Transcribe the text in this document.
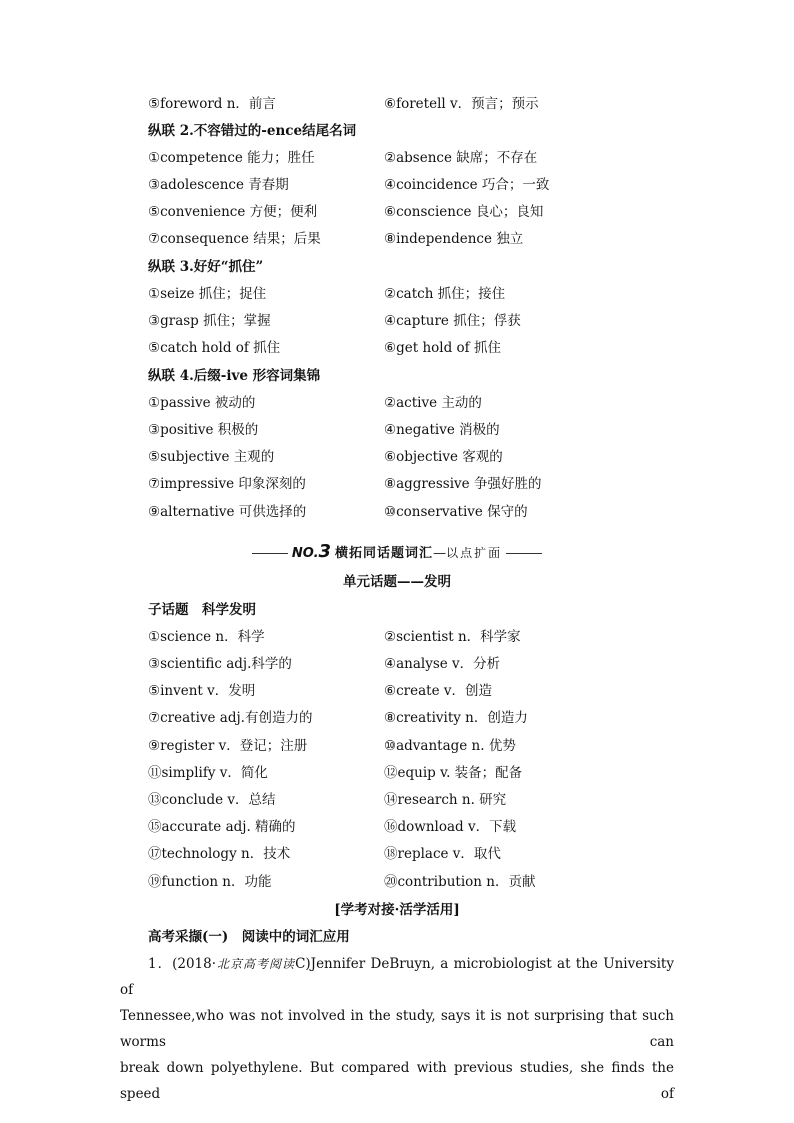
⑤foreword n．前言	⑥foretell v．预言；预示
纵联 2.不容错过的-ence结尾名词
①competence 能力；胜任	②absence 缺席；不存在
③adolescence 青春期	④coincidence 巧合；一致
⑤convenience 方便；便利	⑥conscience 良心；良知
⑦consequence 结果；后果	⑧independence 独立
纵联 3.好好“抓住”
①seize 抓住；捉住	②catch 抓住；接住
③grasp 抓住；掌握	④capture 抓住；俘获
⑤catch hold of 抓住	⑥get hold of 抓住
纵联 4.后缀-ive 形容词集锦
①passive 被动的	②active 主动的
③positive 积极的	④negative 消极的
⑤subjective 主观的	⑥objective 客观的
⑦impressive 印象深刻的	⑧aggressive 争强好胜的
⑨alternative 可供选择的	⑩conservative 保守的
NO.3 横拓同话题词汇—以点扩面
单元话题——发明
子话题　科学发明
①science n．科学	②scientist n．科学家
③scientific adj.科学的	④analyse v．分析
⑤invent v．发明	⑥create v．创造
⑦creative adj.有创造力的	⑧creativity n．创造力
⑨register v．登记；注册	⑩advantage n. 优势
⑪simplify v．简化	⑫equip v. 装备；配备
⑬conclude v．总结	⑭research n. 研究
⑮accurate adj. 精确的	⑯download v．下载
⑰technology n．技术	⑱replace v．取代
⑲function n．功能	⑳contribution n．贡献
[学考对接·活学活用]
高考采撷(一)　阅读中的词汇应用
1．(2018·北京高考阅读C)Jennifer DeBruyn, a microbiologist at the University of
Tennessee,who was not involved in the study, says it is not surprising that such worms can
break down polyethylene. But compared with previous studies, she finds the speed of
